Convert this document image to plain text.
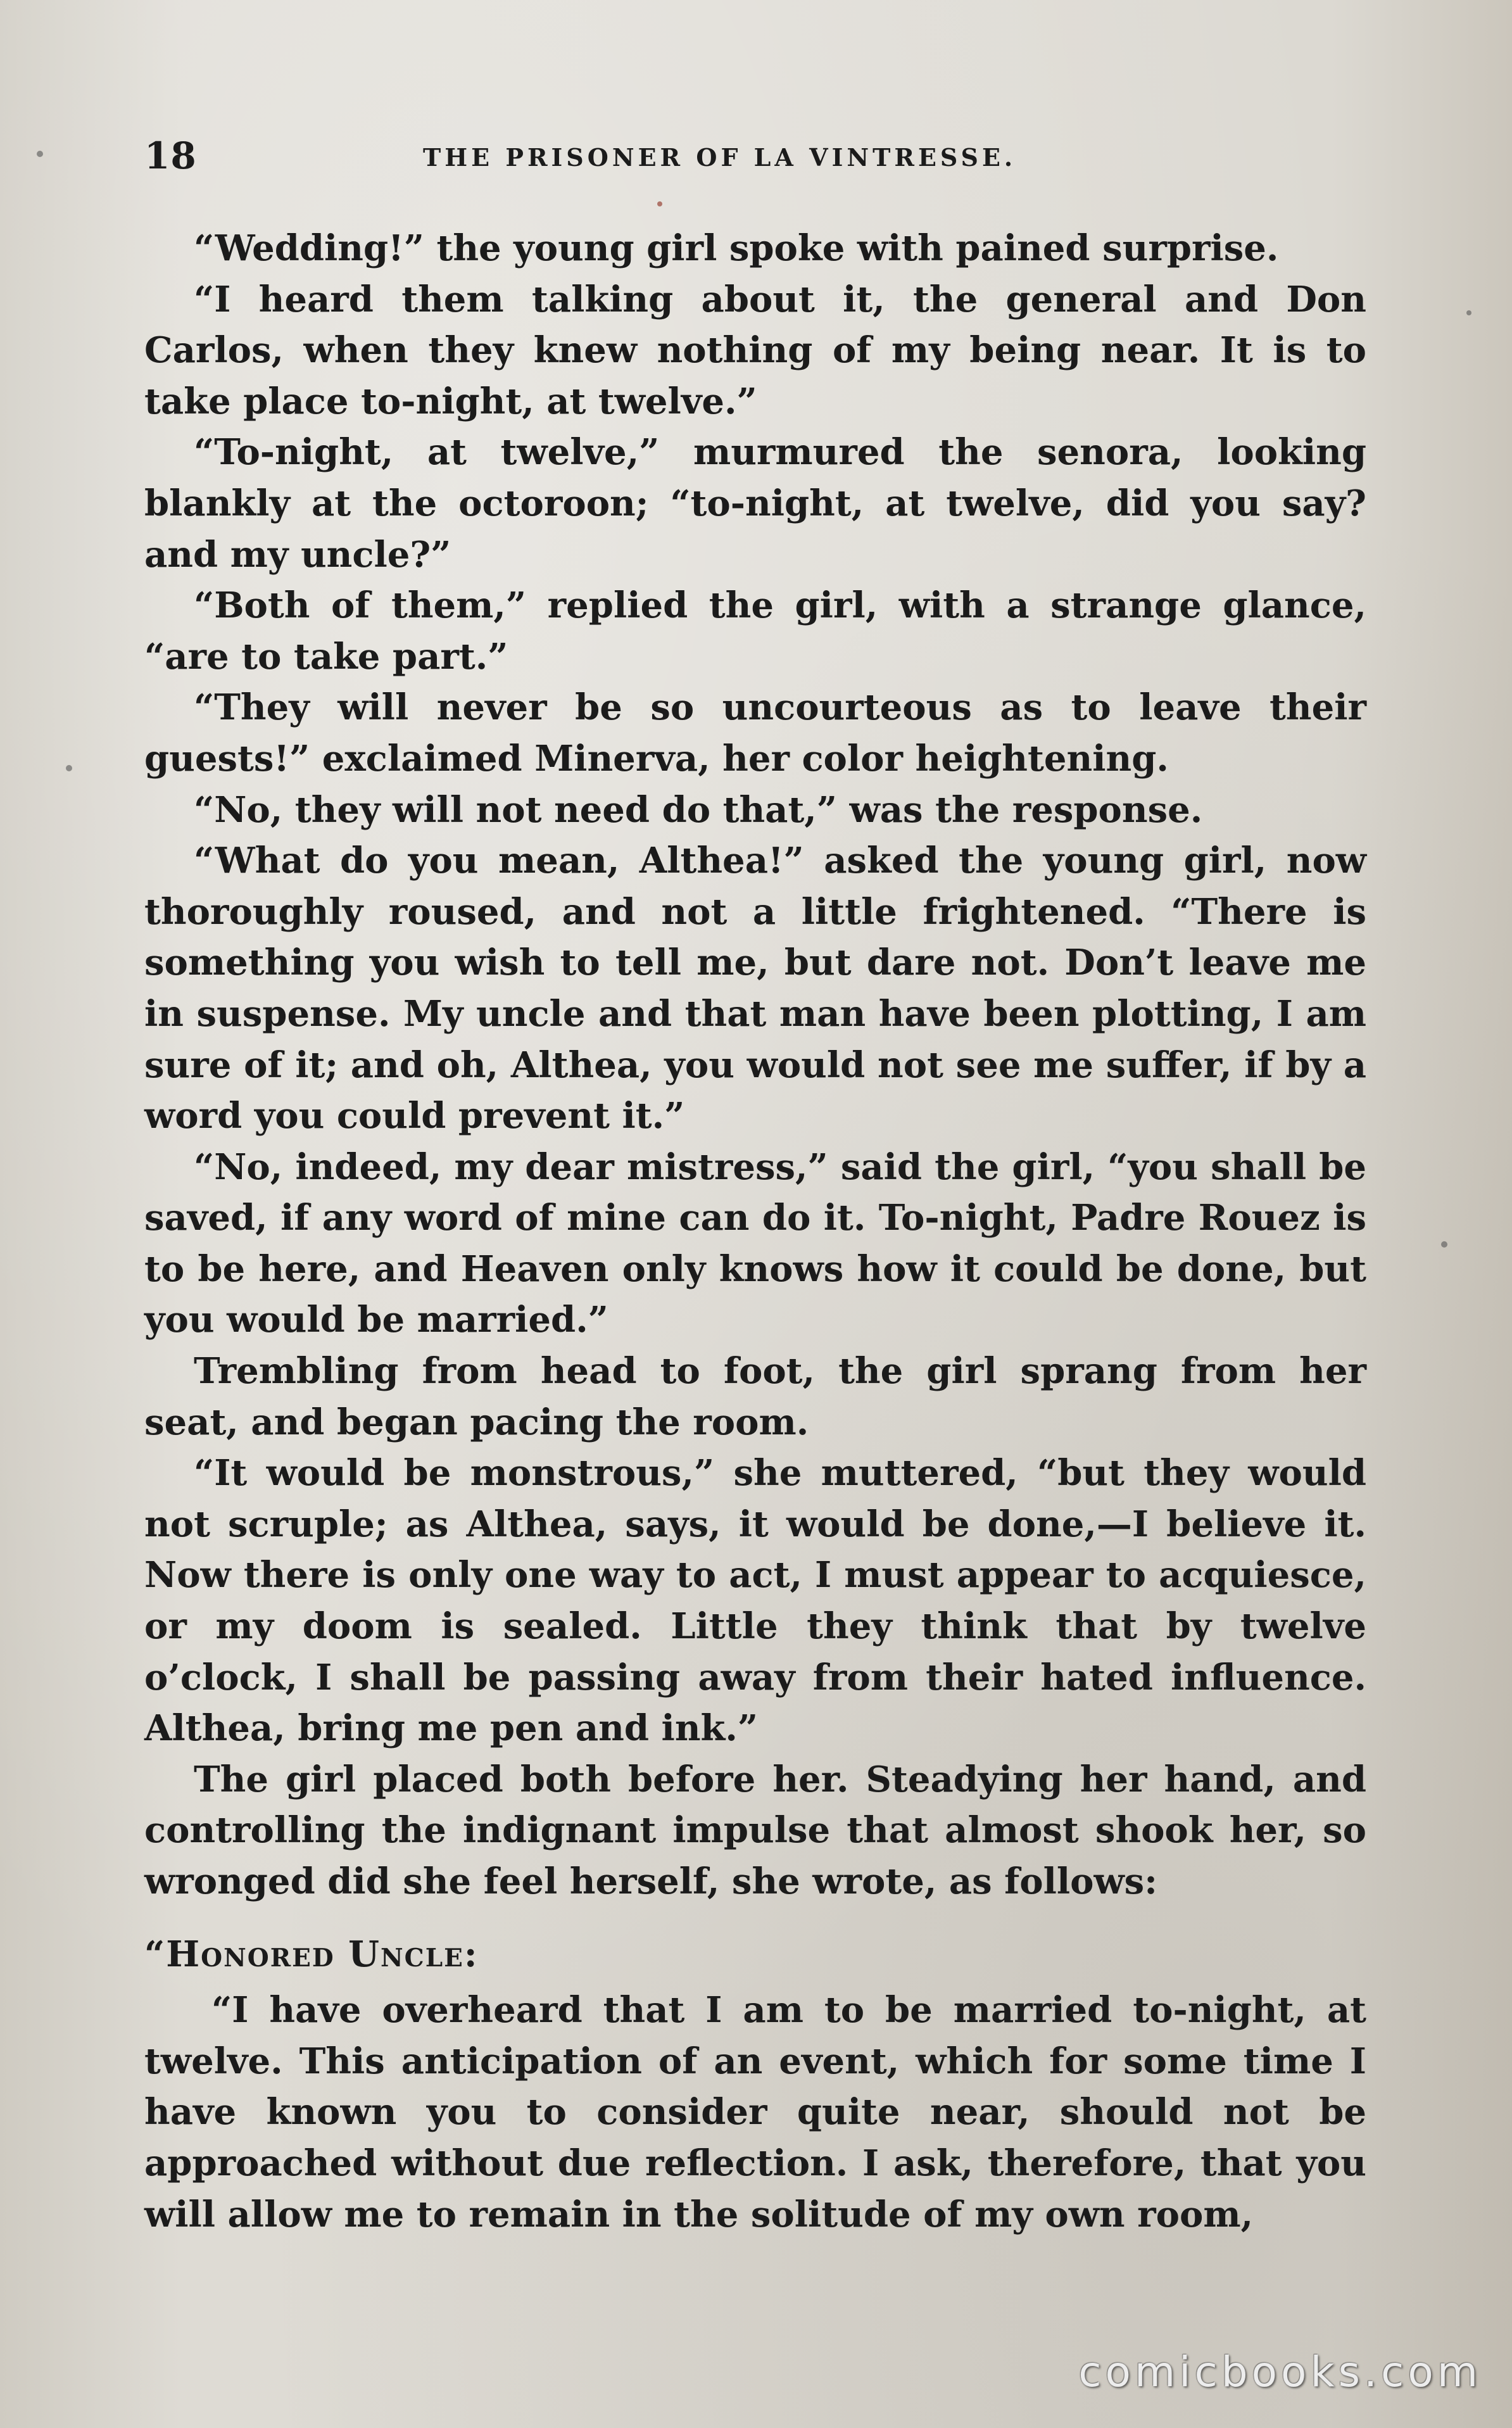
18	THE PRISONER OF LA VINTRESSE.

“Wedding!” the young girl spoke with pained surprise.

“I heard them talking about it, the general and Don Carlos, when they knew nothing of my being near. It is to take place to-night, at twelve.”

“To-night, at twelve,” murmured the senora, looking blankly at the octoroon; “to-night, at twelve, did you say? and my uncle?”

“Both of them,” replied the girl, with a strange glance, “are to take part.”

“They will never be so uncourteous as to leave their guests!” exclaimed Minerva, her color heightening.

“No, they will not need do that,” was the response.

“What do you mean, Althea!” asked the young girl, now thoroughly roused, and not a little frightened. “There is something you wish to tell me, but dare not. Don’t leave me in suspense. My uncle and that man have been plotting, I am sure of it; and oh, Althea, you would not see me suffer, if by a word you could prevent it.”

“No, indeed, my dear mistress,” said the girl, “you shall be saved, if any word of mine can do it. To-night, Padre Rouez is to be here, and Heaven only knows how it could be done, but you would be married.”

Trembling from head to foot, the girl sprang from her seat, and began pacing the room.

“It would be monstrous,” she muttered, “but they would not scruple; as Althea, says, it would be done,—I believe it. Now there is only one way to act, I must appear to acquiesce, or my doom is sealed. Little they think that by twelve o’clock, I shall be passing away from their hated influence. Althea, bring me pen and ink.”

The girl placed both before her. Steadying her hand, and controlling the indignant impulse that almost shook her, so wronged did she feel herself, she wrote, as follows:

“Honored Uncle:

“I have overheard that I am to be married to-night, at twelve. This anticipation of an event, which for some time I have known you to consider quite near, should not be approached without due reflection. I ask, therefore, that you will allow me to remain in the solitude of my own room,

comicbooks.com
